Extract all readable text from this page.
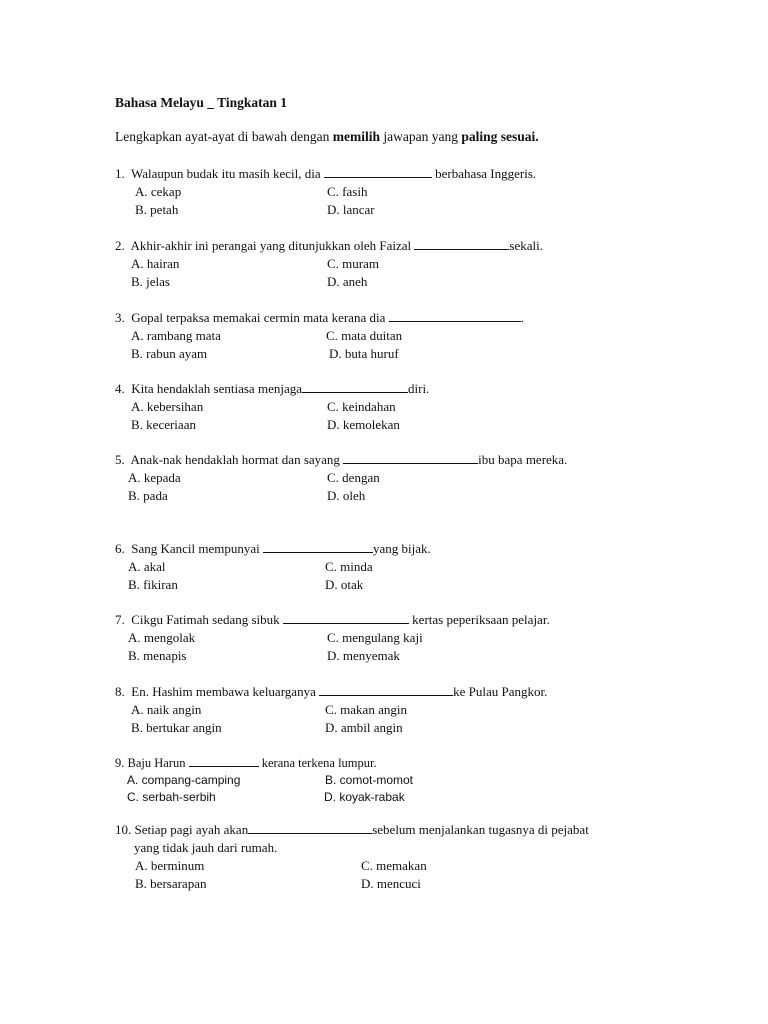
Bahasa Melayu _ Tingkatan 1
Lengkapkan ayat-ayat di bawah dengan memilih jawapan yang paling sesuai.
1. Walaupun budak itu masih kecil, dia	berbahasa Inggeris.
A. cekap
B. petah
C. fasih
D. lancar
2. Akhir-akhir ini perangai yang ditunjukkan oleh Faizal	sekali.
A. hairan
B. jelas
C. muram
D. aneh
3. Gopal terpaksa memakai cermin mata kerana dia	.
A. rambang mata
B. rabun ayam
C. mata duitan
D. buta huruf
4. Kita hendaklah sentiasa menjaga	diri.
A. kebersihan
B. keceriaan
C. keindahan
D. kemolekan
5. Anak-nak hendaklah hormat dan sayang	ibu bapa mereka.
A. kepada
B. pada
C. dengan
D. oleh
6. Sang Kancil mempunyai	yang bijak.
A. akal
B. fikiran
C. minda
D. otak
7. Cikgu Fatimah sedang sibuk	kertas peperiksaan pelajar.
A. mengolak
B. menapis
C. mengulang kaji
D. menyemak
8. En. Hashim membawa keluarganya	ke Pulau Pangkor.
A. naik angin
B. bertukar angin
C. makan angin
D. ambil angin
9. Baju Harun	kerana terkena lumpur.
A. compang-camping
C. serbah-serbih
B. comot-momot
D. koyak-rabak
10. Setiap pagi ayah akan	sebelum menjalankan tugasnya di pejabat
yang tidak jauh dari rumah.
A. berminum
B. bersarapan
C. memakan
D. mencuci
